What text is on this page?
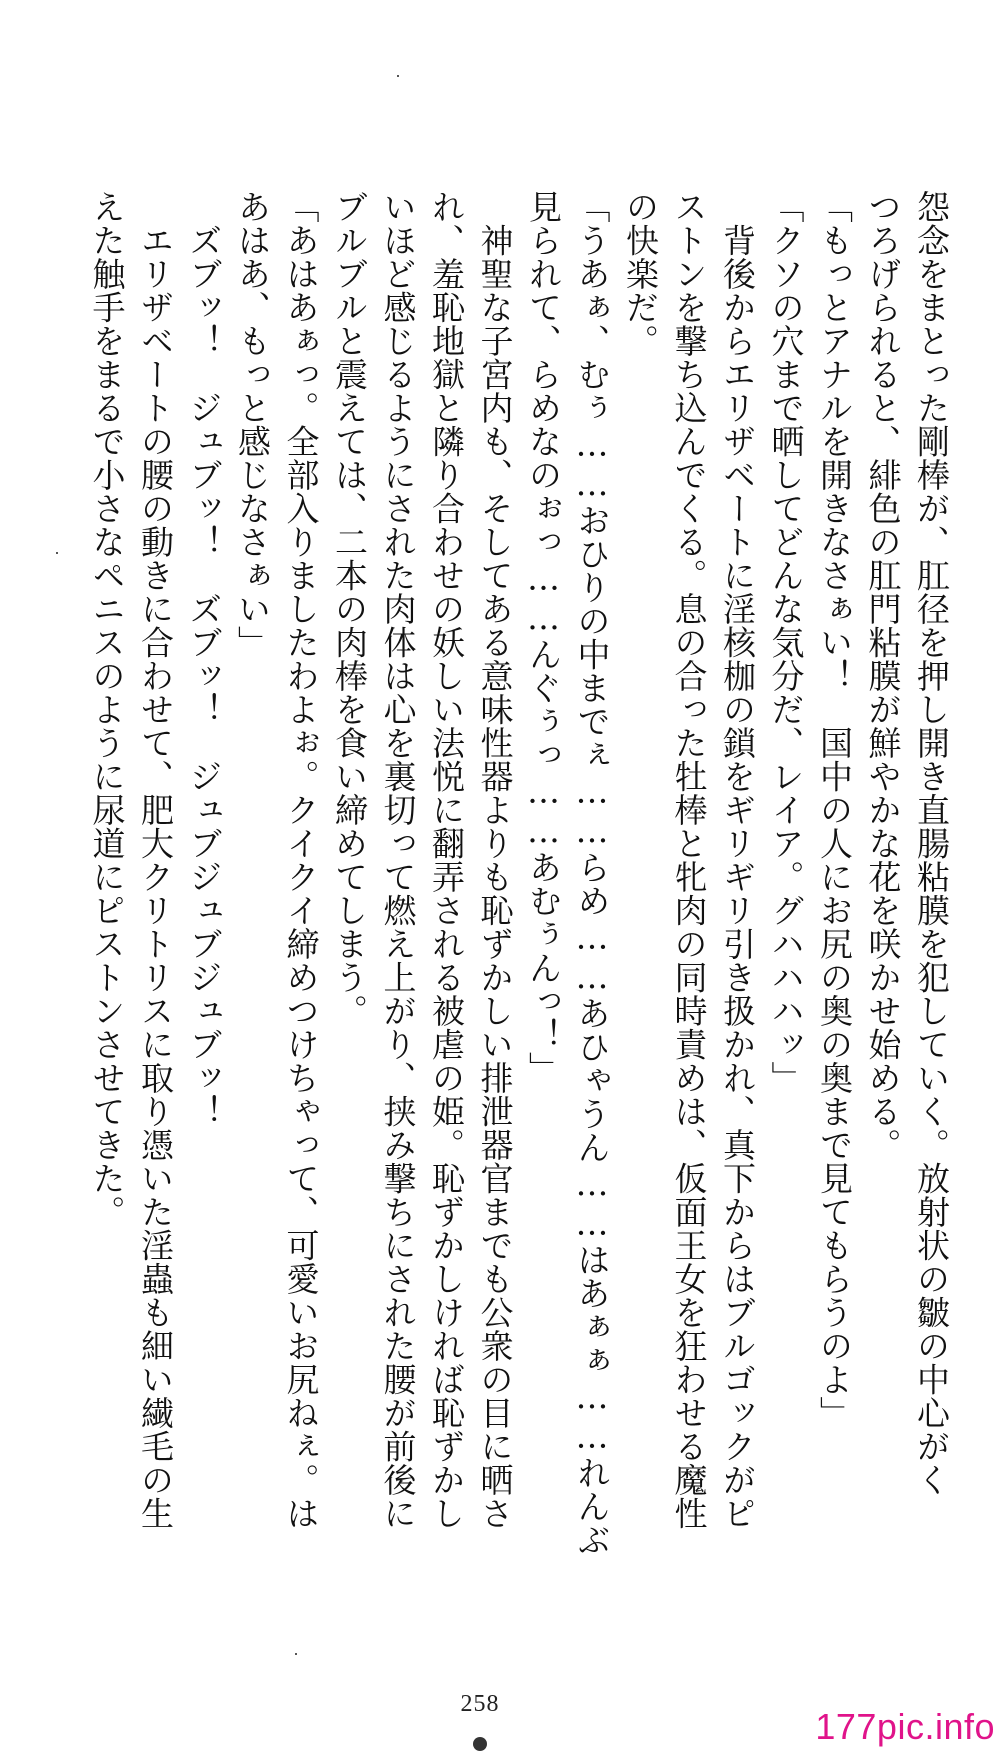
怨念をまとった剛棒が、肛径を押し開き直腸粘膜を犯していく。放射状の皺の中心がく
つろげられると、緋色の肛門粘膜が鮮やかな花を咲かせ始める。
「もっとアナルを開きなさぁい！　国中の人にお尻の奥の奥まで見てもらうのよ」
「クソの穴まで晒してどんな気分だ、レイア。グハハハッ」
　背後からエリザベートに淫核枷の鎖をギリギリ引き扱かれ、真下からはブルゴックがピ
ストンを撃ち込んでくる。息の合った牡棒と牝肉の同時責めは、仮面王女を狂わせる魔性
の快楽だ。
「うあぁ、むぅ……おひりの中までぇ……らめ……あひゃうん……はあぁぁ……れんぶ
見られて、らめなのぉっ……んぐぅっ……あむぅんっ！」
　神聖な子宮内も、そしてある意味性器よりも恥ずかしい排泄器官までも公衆の目に晒さ
れ、羞恥地獄と隣り合わせの妖しい法悦に翻弄される被虐の姫。恥ずかしければ恥ずかし
いほど感じるようにされた肉体は心を裏切って燃え上がり、挟み撃ちにされた腰が前後に
ブルブルと震えては、二本の肉棒を食い締めてしまう。
「あはあぁっ。全部入りましたわよぉ。クイクイ締めつけちゃって、可愛いお尻ねぇ。は
あはあ、もっと感じなさぁい」
　ズブッ！　ジュブッ！　ズブッ！　ジュブジュブジュブッ！
　エリザベートの腰の動きに合わせて、肥大クリトリスに取り憑いた淫蟲も細い繊毛の生
えた触手をまるで小さなペニスのように尿道にピストンさせてきた。
258
177pic.info
